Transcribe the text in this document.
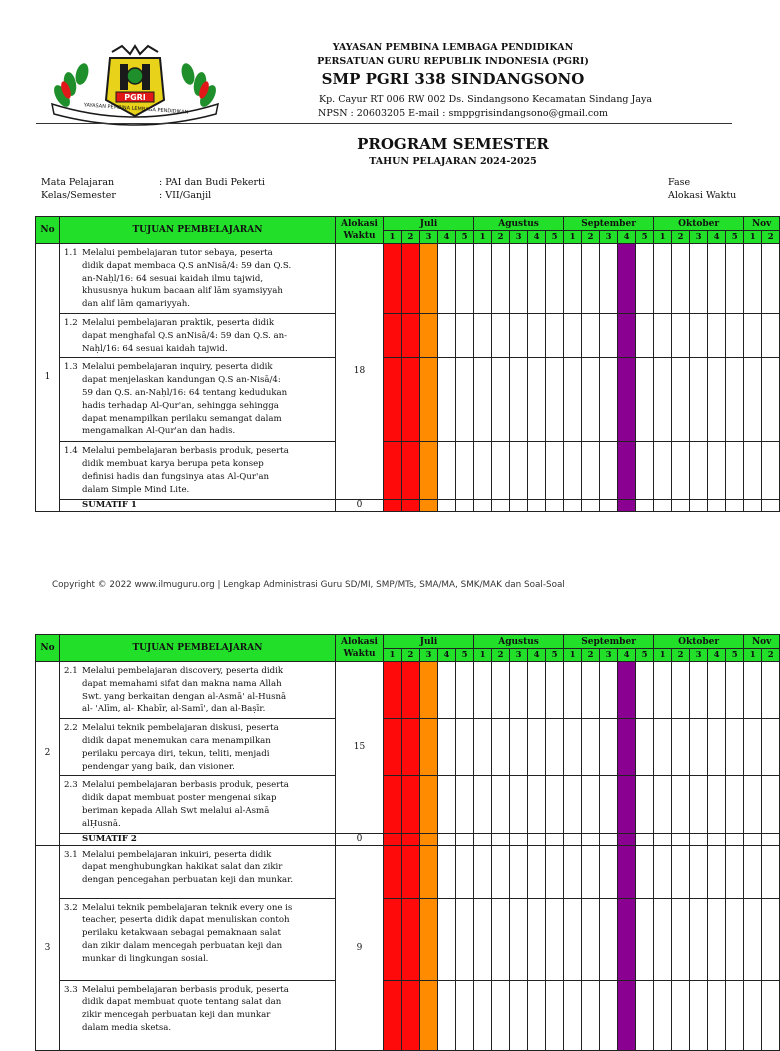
PGRI
YAYASAN PEMBINA LEMBAGA PENDIDIKAN
YAYASAN PEMBINA LEMBAGA PENDIDIKAN
PERSATUAN GURU REPUBLIK INDONESIA (PGRI)
SMP PGRI 338 SINDANGSONO
Kp. Cayur RT 006 RW 002 Ds. Sindangsono Kecamatan Sindang Jaya
NPSN : 20603205 E-mail : smppgrisindangsono@gmail.com
PROGRAM SEMESTER
TAHUN PELAJARAN 2024-2025
Mata Pelajaran	: PAI dan Budi Pekerti
Kelas/Semester	: VII/Ganjil
Fase
Alokasi Waktu
No	TUJUAN PEMBELAJARAN	Alokasi Waktu	Juli					Agustus					September					Oktober					Nov	
			1	2	3	4	5	1	2	3	4	5	1	2	3	4	5	1	2	3	4	5	1	2
1	1.1 Melalui pembelajaran tutor sebaya, peserta didik dapat membaca Q.S anNisā/4: 59 dan Q.S. an-Naḥl/16: 64 sesuai kaidah ilmu tajwid, khususnya hukum bacaan alif lām syamsiyyah dan alif lām qamariyyah.	18																						
	1.2 Melalui pembelajaran praktik, peserta didik dapat menghafal Q.S anNisā/4: 59 dan Q.S. an-Naḥl/16: 64 sesuai kaidah tajwid.																							
	1.3 Melalui pembelajaran inquiry, peserta didik dapat menjelaskan kandungan Q.S an-Nisā/4: 59 dan Q.S. an-Naḥl/16: 64 tentang kedudukan hadis terhadap Al-Qur'an, sehingga sehingga dapat menampilkan perilaku semangat dalam mengamalkan Al-Qur'an dan hadis.																							
	1.4 Melalui pembelajaran berbasis produk, peserta didik membuat karya berupa peta konsep definisi hadis dan fungsinya atas Al-Qur'an dalam Simple Mind Lite.																							
	SUMATIF 1	0																						
Copyright © 2022 www.ilmuguru.org | Lengkap Administrasi Guru SD/MI, SMP/MTs, SMA/MA, SMK/MAK dan Soal-Soal
No	TUJUAN PEMBELAJARAN	Alokasi Waktu	Juli					Agustus					September					Oktober					Nov	
			1	2	3	4	5	1	2	3	4	5	1	2	3	4	5	1	2	3	4	5	1	2
2	2.1 Melalui pembelajaran discovery, peserta didik dapat memahami sifat dan makna nama Allah Swt. yang berkaitan dengan al-Asmā' al-Husnā al- 'Alīm, al- Khabīr, al-Samī', dan al-Baṣīr.	15																						
	2.2 Melalui teknik pembelajaran diskusi, peserta didik dapat menemukan cara menampilkan perilaku percaya diri, tekun, teliti, menjadi pendengar yang baik, dan visioner.																							
	2.3 Melalui pembelajaran berbasis produk, peserta didik dapat membuat poster mengenai sikap beriman kepada Allah Swt melalui al-Asmā alḤusnā.																							
	SUMATIF 2	0																						
3	3.1 Melalui pembelajaran inkuiri, peserta didik dapat menghubungkan hakikat salat dan zikir dengan pencegahan perbuatan keji dan munkar.	9																						
	3.2 Melalui teknik pembelajaran teknik every one is teacher, peserta didik dapat menuliskan contoh perilaku ketakwaan sebagai pemaknaan salat dan zikir dalam mencegah perbuatan keji dan munkar di lingkungan sosial.																							
	3.3 Melalui pembelajaran berbasis produk, peserta didik dapat membuat quote tentang salat dan zikir mencegah perbuatan keji dan munkar dalam media sketsa.																							
